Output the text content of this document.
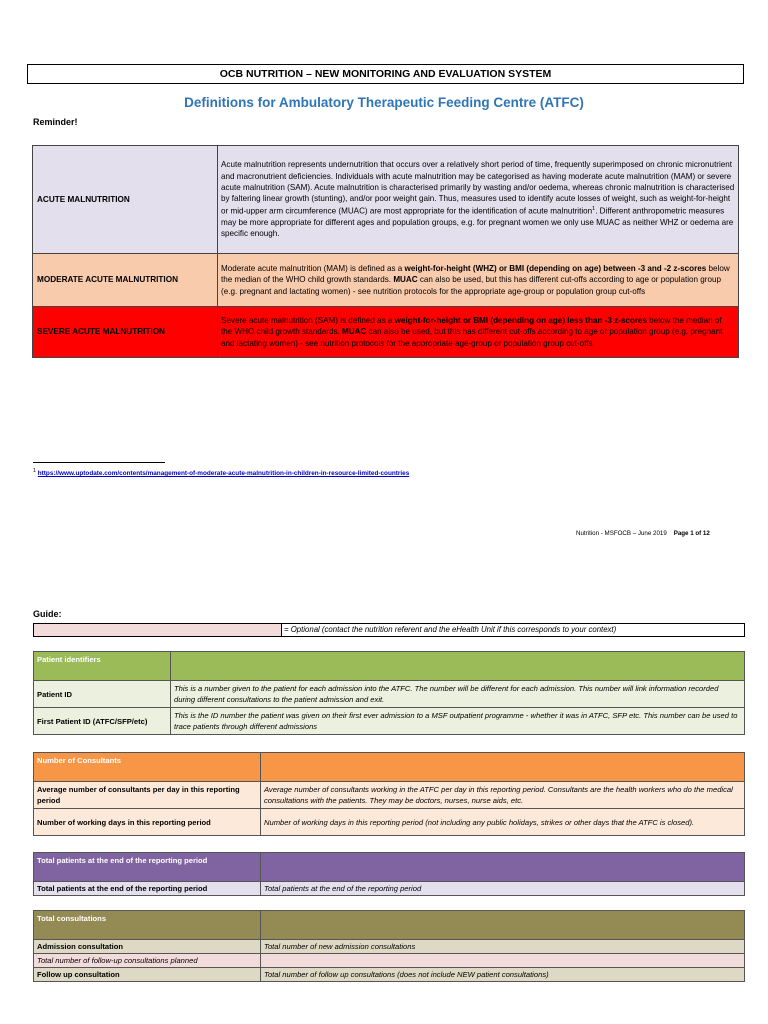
OCB NUTRITION – NEW MONITORING AND EVALUATION SYSTEM
Definitions for Ambulatory Therapeutic Feeding Centre (ATFC)
Reminder!
ACUTE MALNUTRITION	Acute malnutrition represents undernutrition that occurs over a relatively short period of time, frequently superimposed on chronic micronutrient and macronutrient deficiencies. Individuals with acute malnutrition may be categorised as having moderate acute malnutrition (MAM) or severe acute malnutrition (SAM). Acute malnutrition is characterised primarily by wasting and/or oedema, whereas chronic malnutrition is characterised by faltering linear growth (stunting), and/or poor weight gain. Thus, measures used to identify acute losses of weight, such as weight-for-height or mid-upper arm circumference (MUAC) are most appropriate for the identification of acute malnutrition$^1$. Different anthropometric measures may be more appropriate for different ages and population groups, e.g. for pregnant women we only use MUAC as neither WHZ or oedema are specific enough.
MODERATE ACUTE MALNUTRITION	Moderate acute malnutrition (MAM) is defined as a weight-for-height (WHZ) or BMI (depending on age) between -3 and -2 z-scores below the median of the WHO child growth standards. MUAC can also be used, but this has different cut-offs according to age or population group (e.g. pregnant and lactating women) - see nutrition protocols for the appropriate age-group or population group cut-offs
SEVERE ACUTE MALNUTRITION	Severe acute malnutrition (SAM) is defined as a weight-for-height or BMI (depending on age) less than -3 z-scores below the median of the WHO child growth standards. MUAC can also be used, but this has different cut-offs according to age or population group (e.g. pregnant and lactating women) - see nutrition protocols for the appropriate age-group or population group cut-offs
$^1$ https://www.uptodate.com/contents/management-of-moderate-acute-malnutrition-in-children-in-resource-limited-countries
Nutrition - MSFOCB – June 2019 Page 1 of 12
Guide:
= Optional (contact the nutrition referent and the eHealth Unit if this corresponds to your context)
Patient identifiers	
Patient ID	This is a number given to the patient for each admission into the ATFC. The number will be different for each admission. This number will link information recorded during different consultations to the patient admission and exit.
First Patient ID (ATFC/SFP/etc)	This is the ID number the patient was given on their first ever admission to a MSF outpatient programme - whether it was in ATFC, SFP etc. This number can be used to trace patients through different admissions
Number of Consultants	
Average number of consultants per day in this reporting period	Average number of consultants working in the ATFC per day in this reporting period. Consultants are the health workers who do the medical consultations with the patients. They may be doctors, nurses, nurse aids, etc.
Number of working days in this reporting period	Number of working days in this reporting period (not including any public holidays, strikes or other days that the ATFC is closed).
Total patients at the end of the reporting period	
Total patients at the end of the reporting period	Total patients at the end of the reporting period
Total consultations	
Admission consultation	Total number of new admission consultations
Total number of follow-up consultations planned	
Follow up consultation	Total number of follow up consultations (does not include NEW patient consultations)
